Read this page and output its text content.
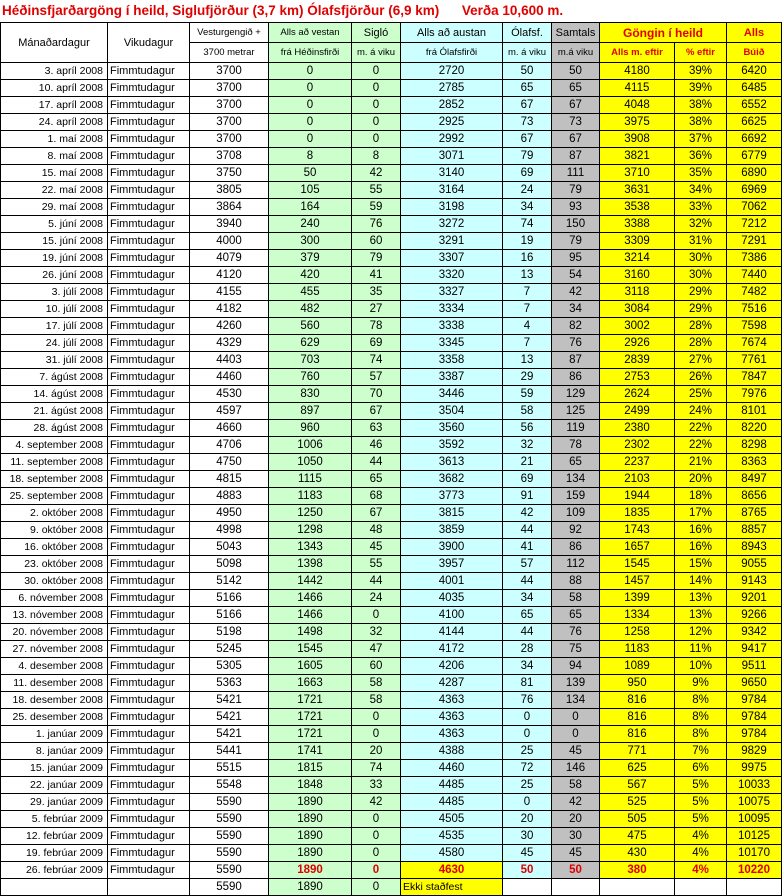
Héðinsfjarðargöng í heild, Siglufjörður (3,7 km) Ólafsfjörður (6,9 km) Verða 10,600 m.
Mánaðardagur	Vikudagur	Vesturgengið +	Alls að vestan	Sigló	Alls að austan	Ólafsf.	Samtals	Göngin í heild		Alls
		3700 metrar	frá Héðinsfirði	m. á viku	frá Ólafsfirði	m. á viku	m.á viku	Alls m. eftir	% eftir	Búið
3. apríl 2008	Fimmtudagur	3700	0	0	2720	50	50	4180	39%	6420
10. apríl 2008	Fimmtudagur	3700	0	0	2785	65	65	4115	39%	6485
17. apríl 2008	Fimmtudagur	3700	0	0	2852	67	67	4048	38%	6552
24. apríl 2008	Fimmtudagur	3700	0	0	2925	73	73	3975	38%	6625
1. maí 2008	Fimmtudagur	3700	0	0	2992	67	67	3908	37%	6692
8. maí 2008	Fimmtudagur	3708	8	8	3071	79	87	3821	36%	6779
15. maí 2008	Fimmtudagur	3750	50	42	3140	69	111	3710	35%	6890
22. maí 2008	Fimmtudagur	3805	105	55	3164	24	79	3631	34%	6969
29. maí 2008	Fimmtudagur	3864	164	59	3198	34	93	3538	33%	7062
5. júní 2008	Fimmtudagur	3940	240	76	3272	74	150	3388	32%	7212
15. júní 2008	Fimmtudagur	4000	300	60	3291	19	79	3309	31%	7291
19. júní 2008	Fimmtudagur	4079	379	79	3307	16	95	3214	30%	7386
26. júní 2008	Fimmtudagur	4120	420	41	3320	13	54	3160	30%	7440
3. júlí 2008	Fimmtudagur	4155	455	35	3327	7	42	3118	29%	7482
10. júlí 2008	Fimmtudagur	4182	482	27	3334	7	34	3084	29%	7516
17. júlí 2008	Fimmtudagur	4260	560	78	3338	4	82	3002	28%	7598
24. júlí 2008	Fimmtudagur	4329	629	69	3345	7	76	2926	28%	7674
31. júlí 2008	Fimmtudagur	4403	703	74	3358	13	87	2839	27%	7761
7. ágúst 2008	Fimmtudagur	4460	760	57	3387	29	86	2753	26%	7847
14. ágúst 2008	Fimmtudagur	4530	830	70	3446	59	129	2624	25%	7976
21. ágúst 2008	Fimmtudagur	4597	897	67	3504	58	125	2499	24%	8101
28. ágúst 2008	Fimmtudagur	4660	960	63	3560	56	119	2380	22%	8220
4. september 2008	Fimmtudagur	4706	1006	46	3592	32	78	2302	22%	8298
11. september 2008	Fimmtudagur	4750	1050	44	3613	21	65	2237	21%	8363
18. september 2008	Fimmtudagur	4815	1115	65	3682	69	134	2103	20%	8497
25. september 2008	Fimmtudagur	4883	1183	68	3773	91	159	1944	18%	8656
2. október 2008	Fimmtudagur	4950	1250	67	3815	42	109	1835	17%	8765
9. október 2008	Fimmtudagur	4998	1298	48	3859	44	92	1743	16%	8857
16. október 2008	Fimmtudagur	5043	1343	45	3900	41	86	1657	16%	8943
23. október 2008	Fimmtudagur	5098	1398	55	3957	57	112	1545	15%	9055
30. október 2008	Fimmtudagur	5142	1442	44	4001	44	88	1457	14%	9143
6. nóvember 2008	Fimmtudagur	5166	1466	24	4035	34	58	1399	13%	9201
13. nóvember 2008	Fimmtudagur	5166	1466	0	4100	65	65	1334	13%	9266
20. nóvember 2008	Fimmtudagur	5198	1498	32	4144	44	76	1258	12%	9342
27. nóvember 2008	Fimmtudagur	5245	1545	47	4172	28	75	1183	11%	9417
4. desember 2008	Fimmtudagur	5305	1605	60	4206	34	94	1089	10%	9511
11. desember 2008	Fimmtudagur	5363	1663	58	4287	81	139	950	9%	9650
18. desember 2008	Fimmtudagur	5421	1721	58	4363	76	134	816	8%	9784
25. desember 2008	Fimmtudagur	5421	1721	0	4363	0	0	816	8%	9784
1. janúar 2009	Fimmtudagur	5421	1721	0	4363	0	0	816	8%	9784
8. janúar 2009	Fimmtudagur	5441	1741	20	4388	25	45	771	7%	9829
15. janúar 2009	Fimmtudagur	5515	1815	74	4460	72	146	625	6%	9975
22. janúar 2009	Fimmtudagur	5548	1848	33	4485	25	58	567	5%	10033
29. janúar 2009	Fimmtudagur	5590	1890	42	4485	0	42	525	5%	10075
5. febrúar 2009	Fimmtudagur	5590	1890	0	4505	20	20	505	5%	10095
12. febrúar 2009	Fimmtudagur	5590	1890	0	4535	30	30	475	4%	10125
19. febrúar 2009	Fimmtudagur	5590	1890	0	4580	45	45	430	4%	10170
26. febrúar 2009	Fimmtudagur	5590	1890	0	4630	50	50	380	4%	10220
		5590	1890	0	Ekki staðfest					
